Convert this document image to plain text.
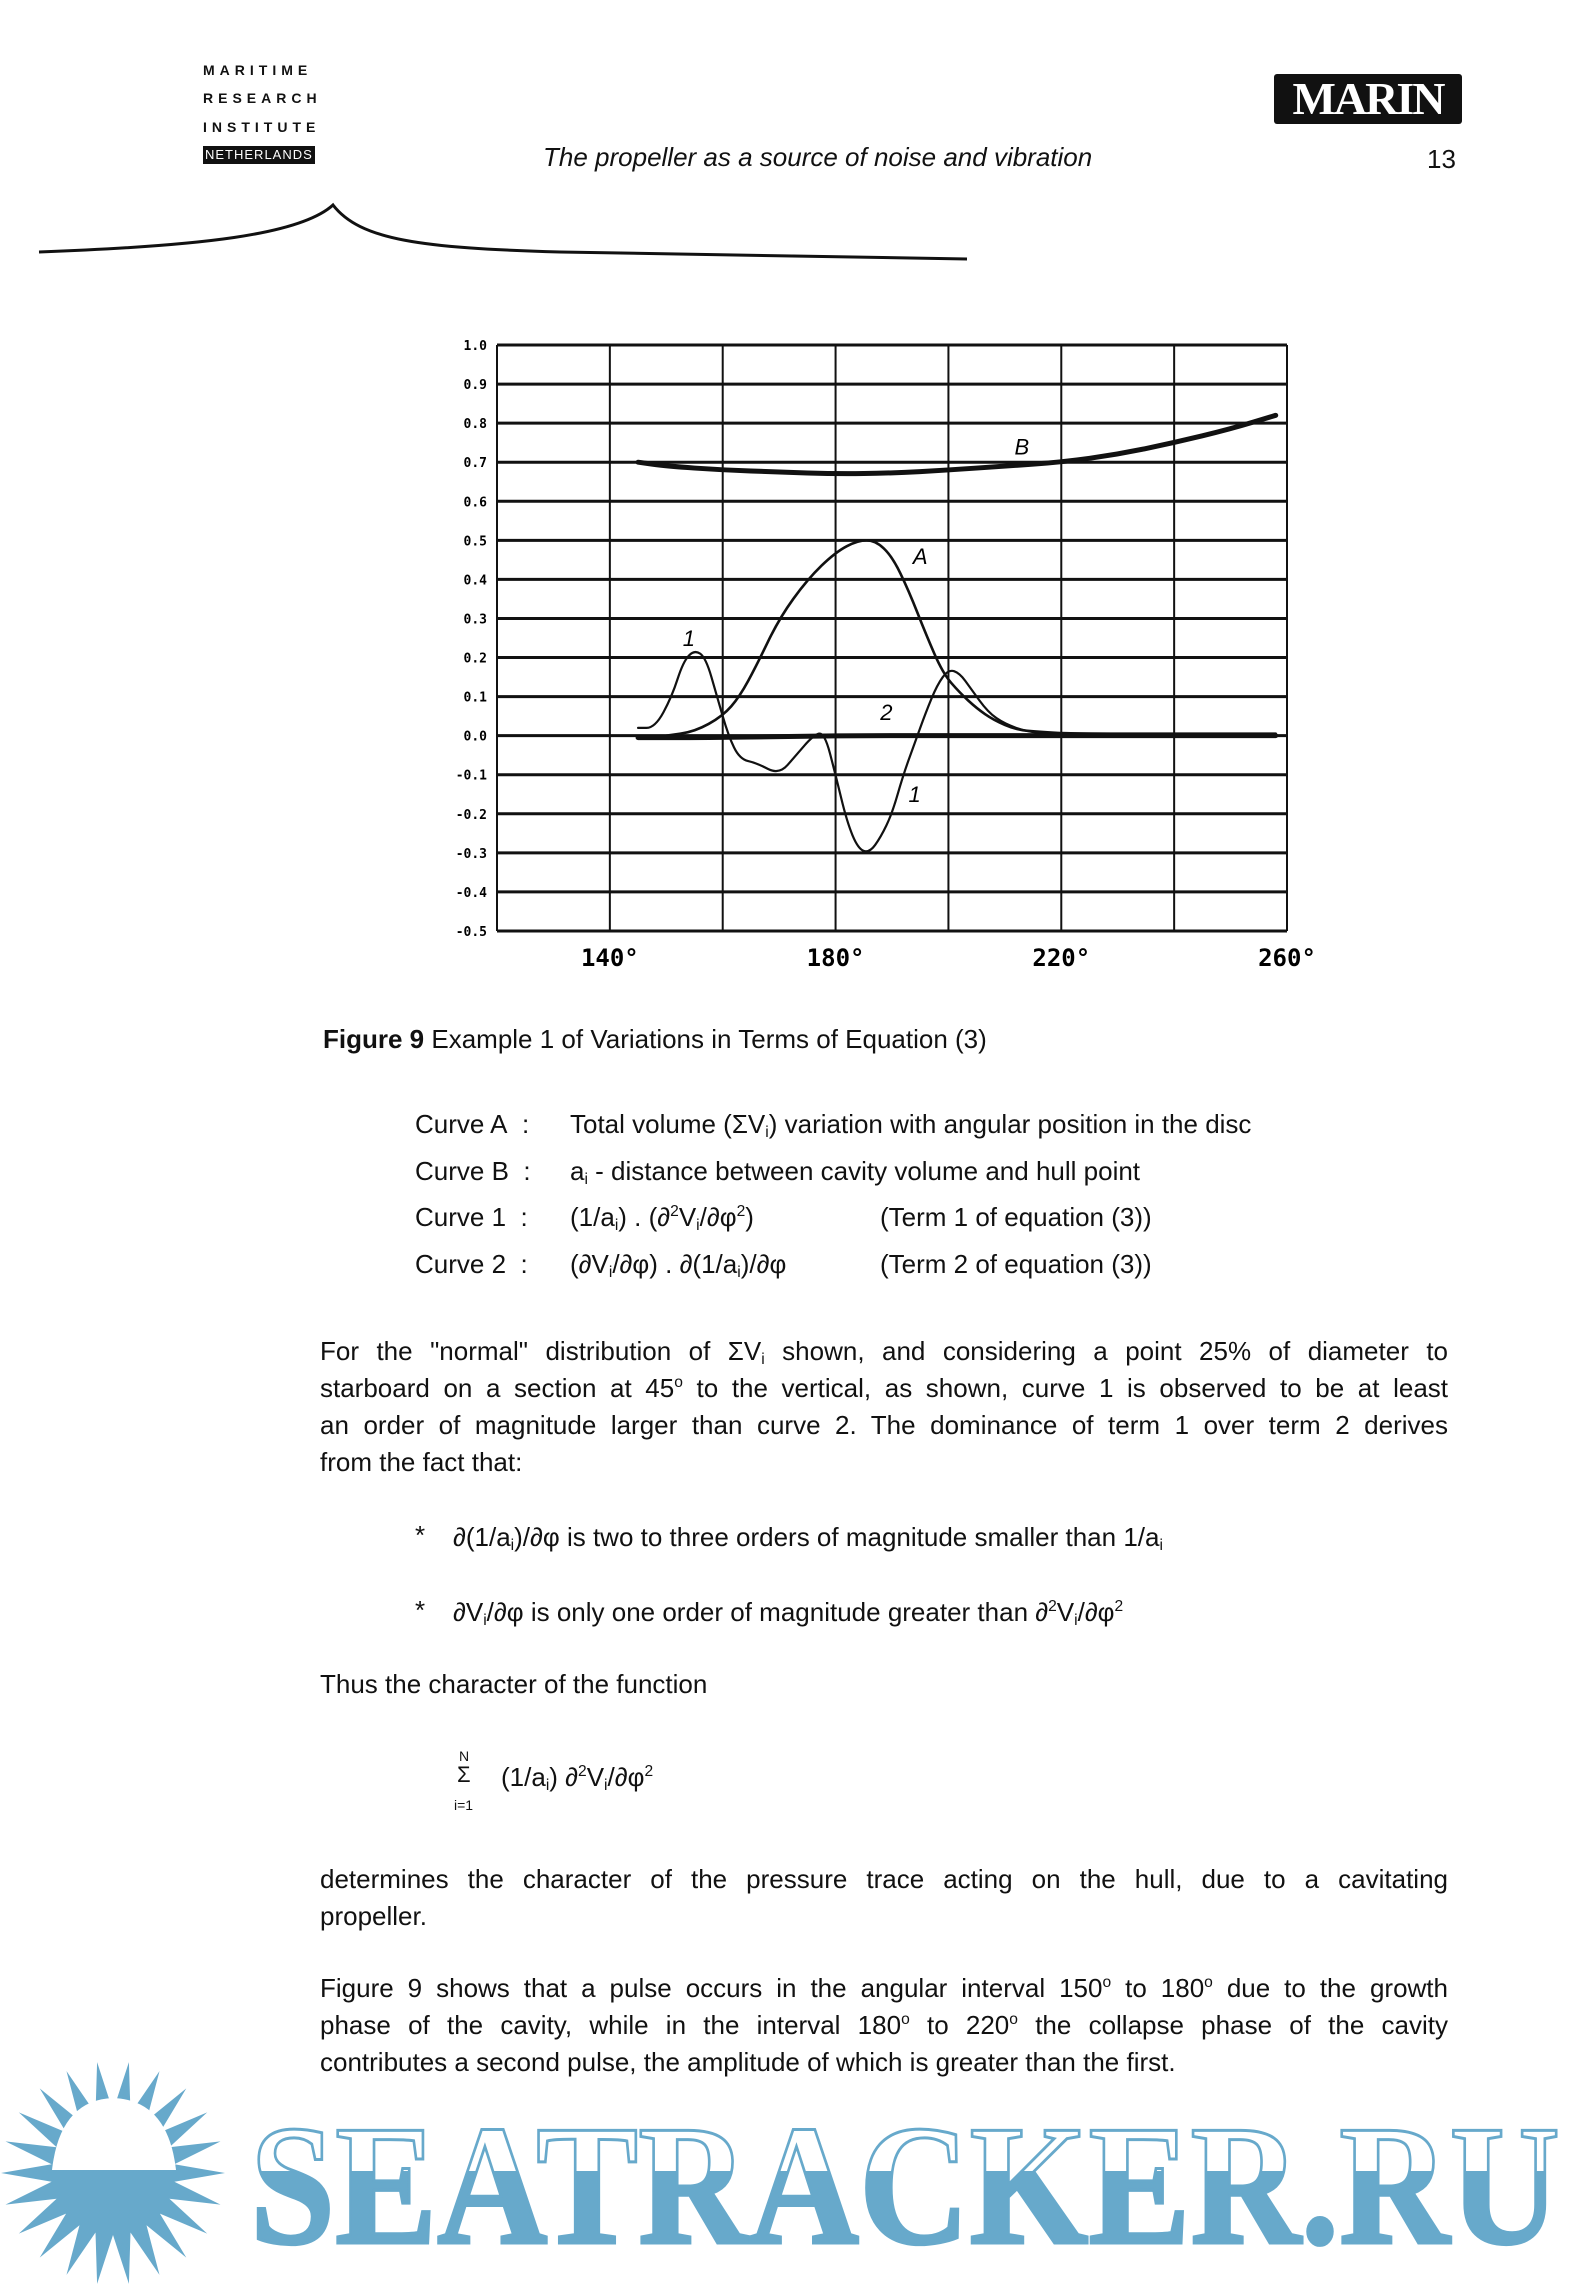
MARITIME
RESEARCH
INSTITUTE
NETHERLANDS
MARIN
The propeller as a source of noise and vibration	13
1.0
0.9
0.8
0.7
0.6
0.5
0.4
0.3
0.2
0.1
0.0
-0.1
-0.2
-0.3
-0.4
-0.5
140°	180°	220°	260°
B
A
1
1
2
Figure 9 Example 1 of Variations in Terms of Equation (3)
Curve A : Total volume $(\Sigma V_i)$ variation with angular position in the disc
Curve B : $a_i$ - distance between cavity volume and hull point
Curve 1 : $(1/a_i)$ . $(\partial^2V_i/\partial\varphi^2)$	(Term 1 of equation (3))
Curve 2 : $(\partial V_i/\partial\varphi)$ . $\partial(1/a_i)/\partial\varphi$	(Term 2 of equation (3))
For the "normal" distribution of $\Sigma V_i$ shown, and considering a point 25% of diameter to
starboard on a section at 45$^o$ to the vertical, as shown, curve 1 is observed to be at least
an order of magnitude larger than curve 2. The dominance of term 1 over term 2 derives
from the fact that:
* $\partial(1/a_i)/\partial\varphi$ is two to three orders of magnitude smaller than $1/a_i$
* $\partial V_i/\partial\varphi$ is only one order of magnitude greater than $\partial^2V_i/\partial\varphi^2$
Thus the character of the function
N
Σ
i=1
$(1/a_i)$ $\partial^2V_i/\partial\varphi^2$
determines the character of the pressure trace acting on the hull, due to a cavitating
propeller.
Figure 9 shows that a pulse occurs in the angular interval 150$^o$ to 180$^o$ due to the growth
phase of the cavity, while in the interval 180$^o$ to 220$^o$ the collapse phase of the cavity
contributes a second pulse, the amplitude of which is greater than the first.
SEATRACKER.RU
